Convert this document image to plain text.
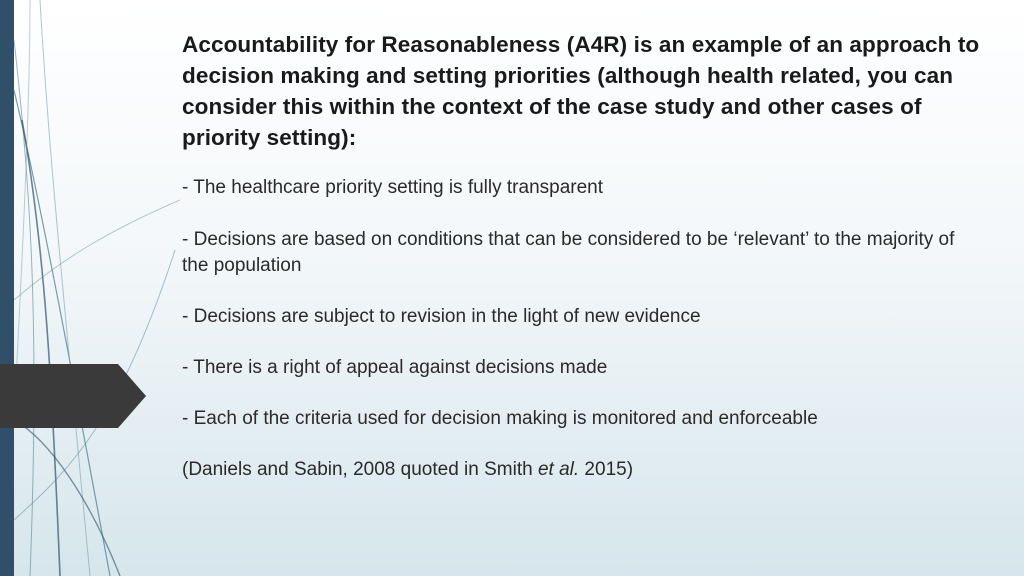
Accountability for Reasonableness (A4R) is an example of an approach to decision making and setting priorities (although health related, you can consider this within the context of the case study and other cases of priority setting):
- The healthcare priority setting is fully transparent
- Decisions are based on conditions that can be considered to be ‘relevant’ to the majority of the population
- Decisions are subject to revision in the light of new evidence
- There is a right of appeal against decisions made
- Each of the criteria used for decision making is monitored and enforceable
(Daniels and Sabin, 2008 quoted in Smith et al. 2015)
